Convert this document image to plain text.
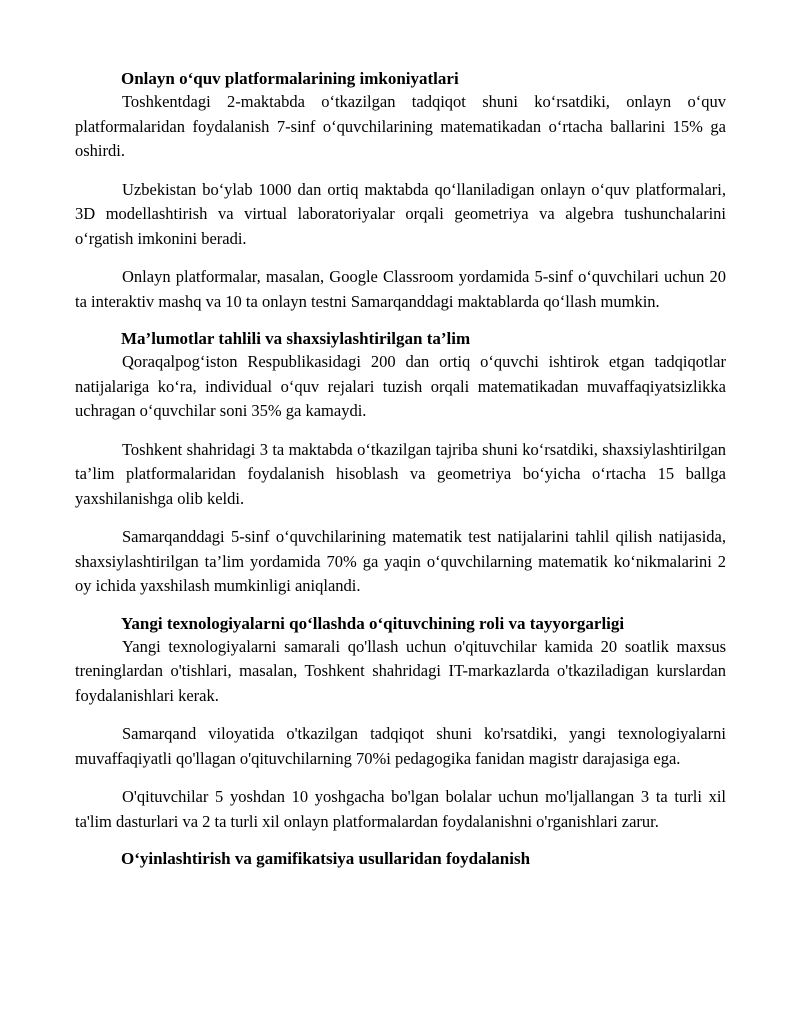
Onlayn o‘quv platformalarining imkoniyatlari

Toshkentdagi 2-maktabda o‘tkazilgan tadqiqot shuni ko‘rsatdiki, onlayn o‘quv platformalaridan foydalanish 7-sinf o‘quvchilarining matematikadan o‘rtacha ballarini 15% ga oshirdi.

Uzbekistan bo‘ylab 1000 dan ortiq maktabda qo‘llaniladigan onlayn o‘quv platformalari, 3D modellashtirish va virtual laboratoriyalar orqali geometriya va algebra tushunchalarini o‘rgatish imkonini beradi.

Onlayn platformalar, masalan, Google Classroom yordamida 5-sinf o‘quvchilari uchun 20 ta interaktiv mashq va 10 ta onlayn testni Samarqanddagi maktablarda qo‘llash mumkin.

Ma’lumotlar tahlili va shaxsiylashtirilgan ta’lim

Qoraqalpog‘iston Respublikasidagi 200 dan ortiq o‘quvchi ishtirok etgan tadqiqotlar natijalariga ko‘ra, individual o‘quv rejalari tuzish orqali matematikadan muvaffaqiyatsizlikka uchragan o‘quvchilar soni 35% ga kamaydi.

Toshkent shahridagi 3 ta maktabda o‘tkazilgan tajriba shuni ko‘rsatdiki, shaxsiylashtirilgan ta’lim platformalaridan foydalanish hisoblash va geometriya bo‘yicha o‘rtacha 15 ballga yaxshilanishga olib keldi.

Samarqanddagi 5-sinf o‘quvchilarining matematik test natijalarini tahlil qilish natijasida, shaxsiylashtirilgan ta’lim yordamida 70% ga yaqin o‘quvchilarning matematik ko‘nikmalarini 2 oy ichida yaxshilash mumkinligi aniqlandi.

Yangi texnologiyalarni qo‘llashda o‘qituvchining roli va tayyorgarligi

Yangi texnologiyalarni samarali qo'llash uchun o'qituvchilar kamida 20 soatlik maxsus treninglardan o'tishlari, masalan, Toshkent shahridagi IT-markazlarda o'tkaziladigan kurslardan foydalanishlari kerak.

Samarqand viloyatida o'tkazilgan tadqiqot shuni ko'rsatdiki, yangi texnologiyalarni muvaffaqiyatli qo'llagan o'qituvchilarning 70%i pedagogika fanidan magistr darajasiga ega.

O'qituvchilar 5 yoshdan 10 yoshgacha bo'lgan bolalar uchun mo'ljallangan 3 ta turli xil ta'lim dasturlari va 2 ta turli xil onlayn platformalardan foydalanishni o'rganishlari zarur.

O‘yinlashtirish va gamifikatsiya usullaridan foydalanish
